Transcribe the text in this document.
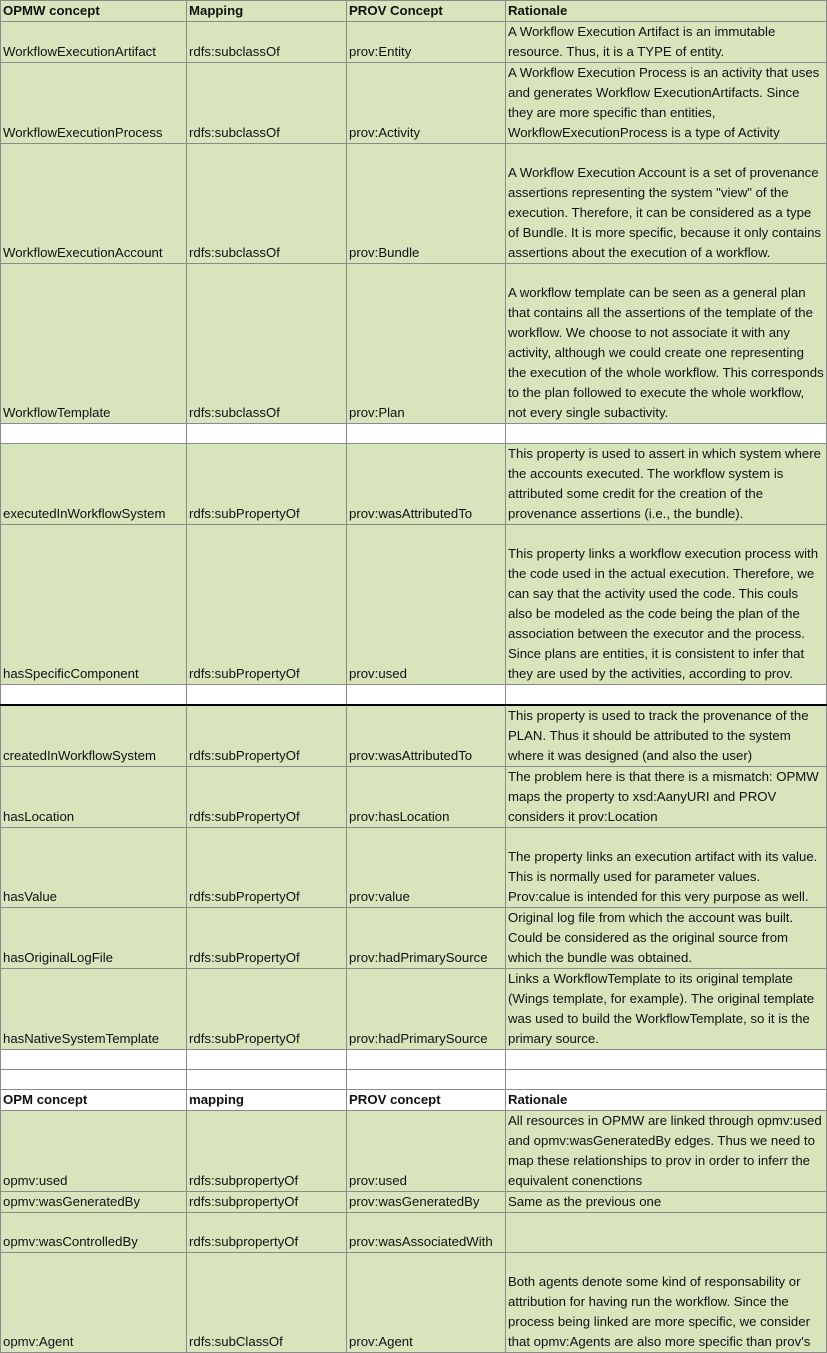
OPMW concept	Mapping	PROV Concept	Rationale
WorkflowExecutionArtifact	rdfs:subclassOf	prov:Entity	A Workflow Execution Artifact is an immutable resource. Thus, it is a TYPE of entity.
WorkflowExecutionProcess	rdfs:subclassOf	prov:Activity	A Workflow Execution Process is an activity that uses and generates Workflow ExecutionArtifacts. Since they are more specific than entities, WorkflowExecutionProcess is a type of Activity
WorkflowExecutionAccount	rdfs:subclassOf	prov:Bundle	A Workflow Execution Account is a set of provenance assertions representing the system "view" of the execution. Therefore, it can be considered as a type of Bundle. It is more specific, because it only contains assertions about the execution of a workflow.
WorkflowTemplate	rdfs:subclassOf	prov:Plan	A workflow template can be seen as a general plan that contains all the assertions of the template of the workflow. We choose to not associate it with any activity, although we could create one representing the execution of the whole workflow. This corresponds to the plan followed to execute the whole workflow, not every single subactivity.

executedInWorkflowSystem	rdfs:subPropertyOf	prov:wasAttributedTo	This property is used to assert in which system where the accounts executed. The workflow system is attributed some credit for the creation of the provenance assertions (i.e., the bundle).
hasSpecificComponent	rdfs:subPropertyOf	prov:used	This property links a workflow execution process with the code used in the actual execution. Therefore, we can say that the activity used the code. This couls also be modeled as the code being the plan of the association between the executor and the process. Since plans are entities, it is consistent to infer that they are used by the activities, according to prov.

createdInWorkflowSystem	rdfs:subPropertyOf	prov:wasAttributedTo	This property is used to track the provenance of the PLAN. Thus it should be attributed to the system where it was designed (and also the user)
hasLocation	rdfs:subPropertyOf	prov:hasLocation	The problem here is that there is a mismatch: OPMW maps the property to xsd:AanyURI and PROV considers it prov:Location
hasValue	rdfs:subPropertyOf	prov:value	The property links an execution artifact with its value. This is normally used for parameter values. Prov:calue is intended for this very purpose as well.
hasOriginalLogFile	rdfs:subPropertyOf	prov:hadPrimarySource	Original log file from which the account was built. Could be considered as the original source from which the bundle was obtained.
hasNativeSystemTemplate	rdfs:subPropertyOf	prov:hadPrimarySource	Links a WorkflowTemplate to its original template (Wings template, for example). The original template was used to build the WorkflowTemplate, so it is the primary source.

OPM concept	mapping	PROV concept	Rationale
opmv:used	rdfs:subpropertyOf	prov:used	All resources in OPMW are linked through opmv:used and opmv:wasGeneratedBy edges. Thus we need to map these relationships to prov in order to inferr the equivalent conenctions
opmv:wasGeneratedBy	rdfs:subpropertyOf	prov:wasGeneratedBy	Same as the previous one
opmv:wasControlledBy	rdfs:subpropertyOf	prov:wasAssociatedWith	
opmv:Agent	rdfs:subClassOf	prov:Agent	Both agents denote some kind of responsability or attribution for having run the workflow. Since the process being linked are more specific, we consider that opmv:Agents are also more specific than prov's
